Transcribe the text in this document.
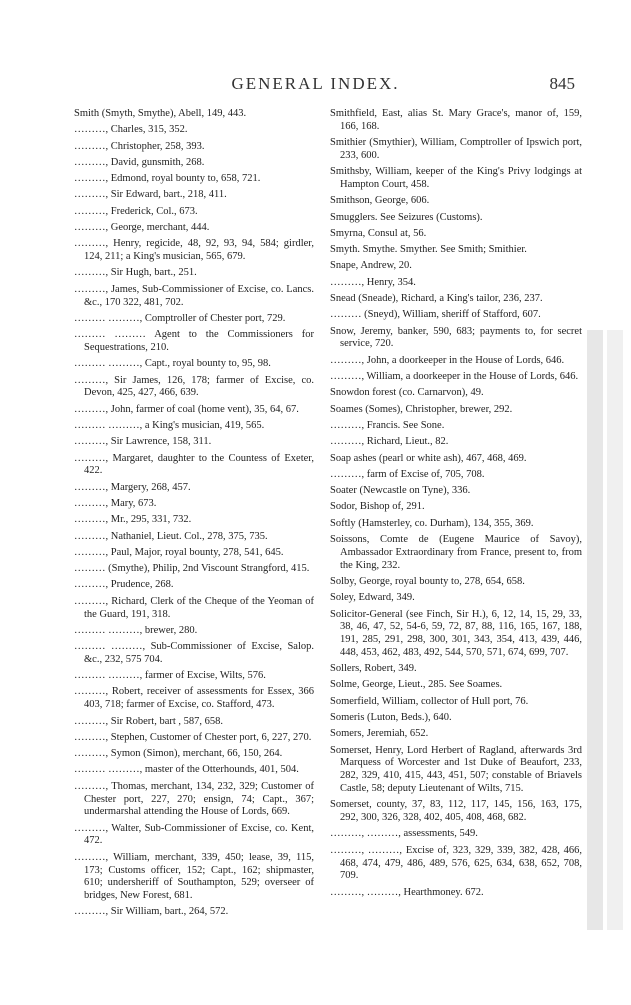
GENERAL INDEX.	845

Smith (Smyth, Smythe), Abell, 149, 443.

………, Charles, 315, 352.

………, Christopher, 258, 393.

………, David, gunsmith, 268.

………, Edmond, royal bounty to, 658, 721.

………, Sir Edward, bart., 218, 411.

………, Frederick, Col., 673.

………, George, merchant, 444.

………, Henry, regicide, 48, 92, 93, 94, 584; girdler, 124, 211; a King's musician, 565, 679.

………, Sir Hugh, bart., 251.

………, James, Sub-Commissioner of Excise, co. Lancs. &c., 170 322, 481, 702.

……… ………, Comptroller of Chester port, 729.

……… ……… Agent to the Commissioners for Sequestrations, 210.

……… ………, Capt., royal bounty to, 95, 98.

………, Sir James, 126, 178; farmer of Excise, co. Devon, 425, 427, 466, 639.

………, John, farmer of coal (home vent), 35, 64, 67.

……… ………, a King's musician, 419, 565.

………, Sir Lawrence, 158, 311.

………, Margaret, daughter to the Countess of Exeter, 422.

………, Margery, 268, 457.

………, Mary, 673.

………, Mr., 295, 331, 732.

………, Nathaniel, Lieut. Col., 278, 375, 735.

………, Paul, Major, royal bounty, 278, 541, 645.

……… (Smythe), Philip, 2nd Viscount Strangford, 415.

………, Prudence, 268.

………, Richard, Clerk of the Cheque of the Yeoman of the Guard, 191, 318.

……… ………, brewer, 280.

……… ………, Sub-Commissioner of Excise, Salop. &c., 232, 575 704.

……… ………, farmer of Excise, Wilts, 576.

………, Robert, receiver of assessments for Essex, 366 403, 718; farmer of Excise, co. Stafford, 473.

………, Sir Robert, bart , 587, 658.

………, Stephen, Customer of Chester port, 6, 227, 270.

………, Symon (Simon), merchant, 66, 150, 264.

……… ………, master of the Otterhounds, 401, 504.

………, Thomas, merchant, 134, 232, 329; Customer of Chester port, 227, 270; ensign, 74; Capt., 367; undermarshal attending the House of Lords, 669.

………, Walter, Sub-Commissioner of Excise, co. Kent, 472.

………, William, merchant, 339, 450; lease, 39, 115, 173; Customs officer, 152; Capt., 162; shipmaster, 610; undersheriff of Southampton, 529; overseer of bridges, New Forest, 681.

………, Sir William, bart., 264, 572.

Smithfield, East, alias St. Mary Grace's, manor of, 159, 166, 168.

Smithier (Smythier), William, Comptroller of Ipswich port, 233, 600.

Smithsby, William, keeper of the King's Privy lodgings at Hampton Court, 458.

Smithson, George, 606.

Smugglers. See Seizures (Customs).

Smyrna, Consul at, 56.

Smyth. Smythe. Smyther. See Smith; Smithier.

Snape, Andrew, 20.

………, Henry, 354.

Snead (Sneade), Richard, a King's tailor, 236, 237.

……… (Sneyd), William, sheriff of Stafford, 607.

Snow, Jeremy, banker, 590, 683; payments to, for secret service, 720.

………, John, a doorkeeper in the House of Lords, 646.

………, William, a doorkeeper in the House of Lords, 646.

Snowdon forest (co. Carnarvon), 49.

Soames (Somes), Christopher, brewer, 292.

………, Francis. See Sone.

………, Richard, Lieut., 82.

Soap ashes (pearl or white ash), 467, 468, 469.

………, farm of Excise of, 705, 708.

Soater (Newcastle on Tyne), 336.

Sodor, Bishop of, 291.

Softly (Hamsterley, co. Durham), 134, 355, 369.

Soissons, Comte de (Eugene Maurice of Savoy), Ambassador Extraordinary from France, present to, from the King, 232.

Solby, George, royal bounty to, 278, 654, 658.

Soley, Edward, 349.

Solicitor-General (see Finch, Sir H.), 6, 12, 14, 15, 29, 33, 38, 46, 47, 52, 54-6, 59, 72, 87, 88, 116, 165, 167, 188, 191, 285, 291, 298, 300, 301, 343, 354, 413, 439, 446, 448, 453, 462, 483, 492, 544, 570, 571, 674, 699, 707.

Sollers, Robert, 349.

Solme, George, Lieut., 285. See Soames.

Somerfield, William, collector of Hull port, 76.

Someris (Luton, Beds.), 640.

Somers, Jeremiah, 652.

Somerset, Henry, Lord Herbert of Ragland, afterwards 3rd Marquess of Worcester and 1st Duke of Beaufort, 233, 282, 329, 410, 415, 443, 451, 507; constable of Briavels Castle, 58; deputy Lieutenant of Wilts, 715.

Somerset, county, 37, 83, 112, 117, 145, 156, 163, 175, 292, 300, 326, 328, 402, 405, 408, 468, 682.

………, ………, assessments, 549.

………, ………, Excise of, 323, 329, 339, 382, 428, 466, 468, 474, 479, 486, 489, 576, 625, 634, 638, 652, 708, 709.

………, ………, Hearthmoney. 672.
